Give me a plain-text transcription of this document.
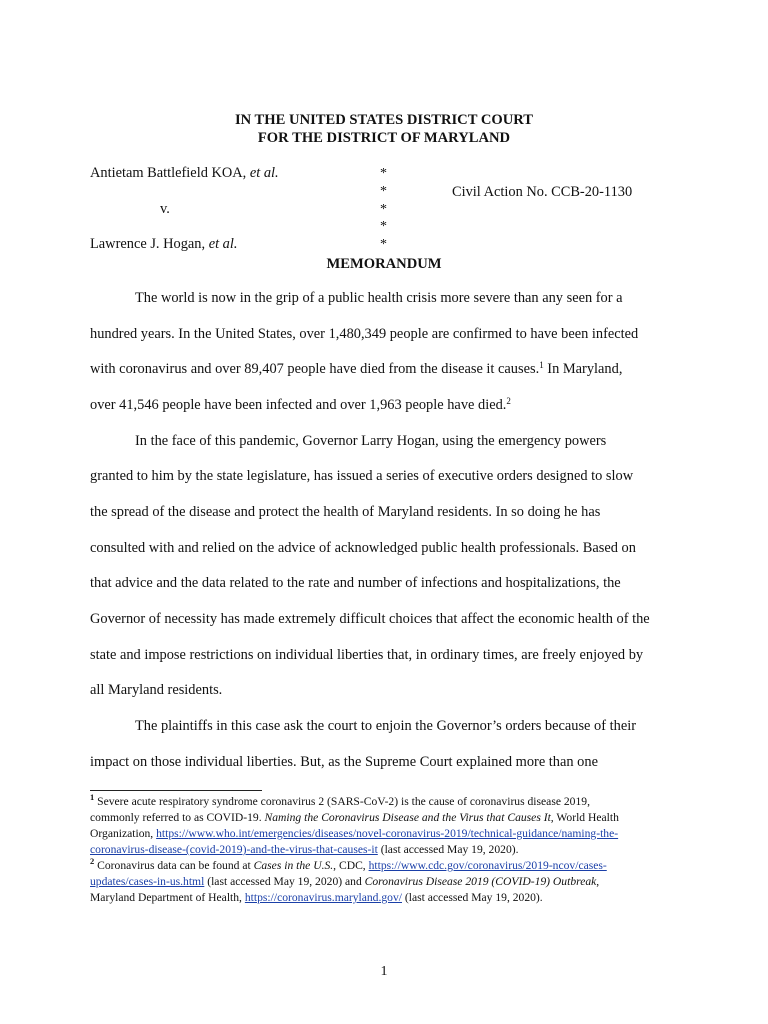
IN THE UNITED STATES DISTRICT COURT
FOR THE DISTRICT OF MARYLAND
Antietam Battlefield KOA, et al.
v.
Lawrence J. Hogan, et al.
*
*
*
*
*
Civil Action No. CCB-20-1130
MEMORANDUM
The world is now in the grip of a public health crisis more severe than any seen for a
hundred years. In the United States, over 1,480,349 people are confirmed to have been infected
with coronavirus and over 89,407 people have died from the disease it causes.$^1$ In Maryland,
over 41,546 people have been infected and over 1,963 people have died.$^2$
In the face of this pandemic, Governor Larry Hogan, using the emergency powers
granted to him by the state legislature, has issued a series of executive orders designed to slow
the spread of the disease and protect the health of Maryland residents. In so doing he has
consulted with and relied on the advice of acknowledged public health professionals. Based on
that advice and the data related to the rate and number of infections and hospitalizations, the
Governor of necessity has made extremely difficult choices that affect the economic health of the
state and impose restrictions on individual liberties that, in ordinary times, are freely enjoyed by
all Maryland residents.
The plaintiffs in this case ask the court to enjoin the Governor’s orders because of their
impact on those individual liberties. But, as the Supreme Court explained more than one
$^1$ Severe acute respiratory syndrome coronavirus 2 (SARS-CoV-2) is the cause of coronavirus disease 2019,
commonly referred to as COVID-19. Naming the Coronavirus Disease and the Virus that Causes It, World Health
Organization, https://www.who.int/emergencies/diseases/novel-coronavirus-2019/technical-guidance/naming-the-
coronavirus-disease-(covid-2019)-and-the-virus-that-causes-it (last accessed May 19, 2020).
$^2$ Coronavirus data can be found at Cases in the U.S., CDC, https://www.cdc.gov/coronavirus/2019-ncov/cases-
updates/cases-in-us.html (last accessed May 19, 2020) and Coronavirus Disease 2019 (COVID-19) Outbreak,
Maryland Department of Health, https://coronavirus.maryland.gov/ (last accessed May 19, 2020).
1
